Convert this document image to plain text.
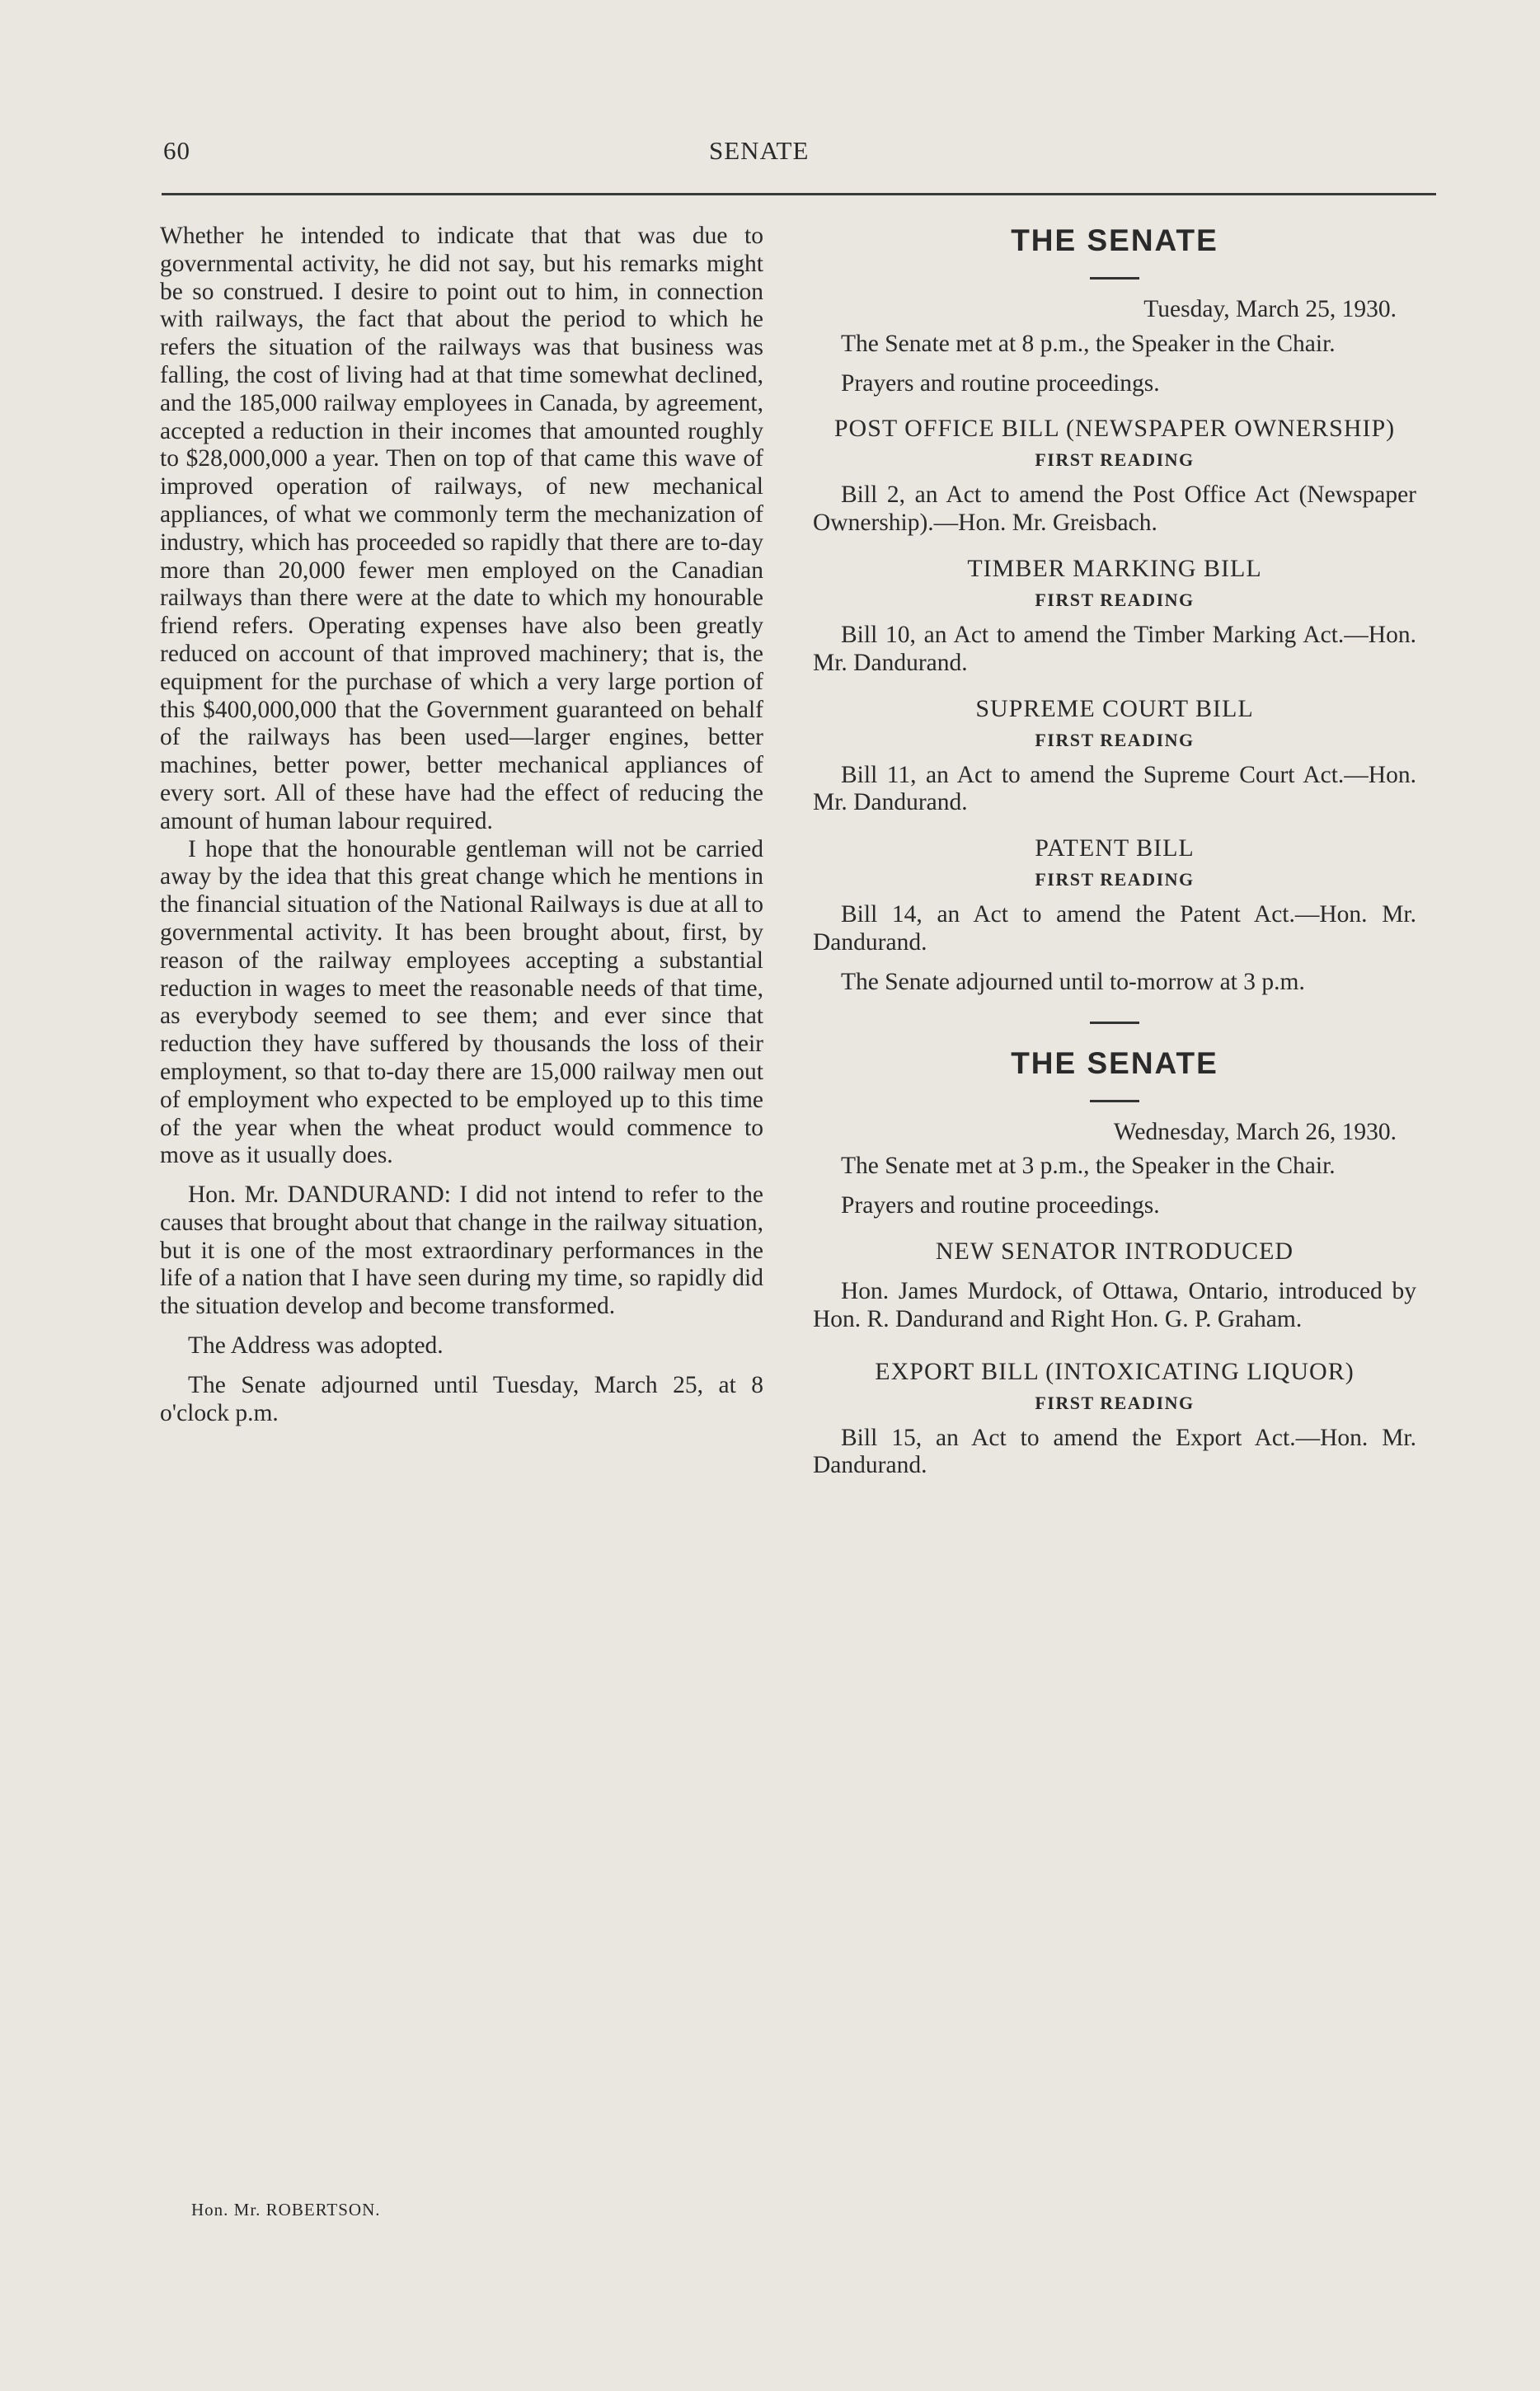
60	SENATE

Whether he intended to indicate that that was due to governmental activity, he did not say, but his remarks might be so construed. I desire to point out to him, in connection with railways, the fact that about the period to which he refers the situation of the railways was that business was falling, the cost of living had at that time somewhat declined, and the 185,000 railway employees in Canada, by agreement, accepted a reduction in their incomes that amounted roughly to $28,000,000 a year. Then on top of that came this wave of improved operation of railways, of new mechanical appliances, of what we commonly term the mechanization of industry, which has proceeded so rapidly that there are to-day more than 20,000 fewer men employed on the Canadian railways than there were at the date to which my honourable friend refers. Operating expenses have also been greatly reduced on account of that improved machinery; that is, the equipment for the purchase of which a very large portion of this $400,000,000 that the Government guaranteed on behalf of the railways has been used—larger engines, better machines, better power, better mechanical appliances of every sort. All of these have had the effect of reducing the amount of human labour required.

I hope that the honourable gentleman will not be carried away by the idea that this great change which he mentions in the financial situation of the National Railways is due at all to governmental activity. It has been brought about, first, by reason of the railway employees accepting a substantial reduction in wages to meet the reasonable needs of that time, as everybody seemed to see them; and ever since that reduction they have suffered by thousands the loss of their employment, so that to-day there are 15,000 railway men out of employment who expected to be employed up to this time of the year when the wheat product would commence to move as it usually does.

Hon. Mr. DANDURAND: I did not intend to refer to the causes that brought about that change in the railway situation, but it is one of the most extraordinary performances in the life of a nation that I have seen during my time, so rapidly did the situation develop and become transformed.

The Address was adopted.

The Senate adjourned until Tuesday, March 25, at 8 o'clock p.m.

THE SENATE

Tuesday, March 25, 1930.

The Senate met at 8 p.m., the Speaker in the Chair.

Prayers and routine proceedings.

POST OFFICE BILL (NEWSPAPER OWNERSHIP)
FIRST READING

Bill 2, an Act to amend the Post Office Act (Newspaper Ownership).—Hon. Mr. Greisbach.

TIMBER MARKING BILL
FIRST READING

Bill 10, an Act to amend the Timber Marking Act.—Hon. Mr. Dandurand.

SUPREME COURT BILL
FIRST READING

Bill 11, an Act to amend the Supreme Court Act.—Hon. Mr. Dandurand.

PATENT BILL
FIRST READING

Bill 14, an Act to amend the Patent Act.—Hon. Mr. Dandurand.

The Senate adjourned until to-morrow at 3 p.m.

THE SENATE

Wednesday, March 26, 1930.

The Senate met at 3 p.m., the Speaker in the Chair.

Prayers and routine proceedings.

NEW SENATOR INTRODUCED

Hon. James Murdock, of Ottawa, Ontario, introduced by Hon. R. Dandurand and Right Hon. G. P. Graham.

EXPORT BILL (INTOXICATING LIQUOR)
FIRST READING

Bill 15, an Act to amend the Export Act.—Hon. Mr. Dandurand.

Hon. Mr. ROBERTSON.
